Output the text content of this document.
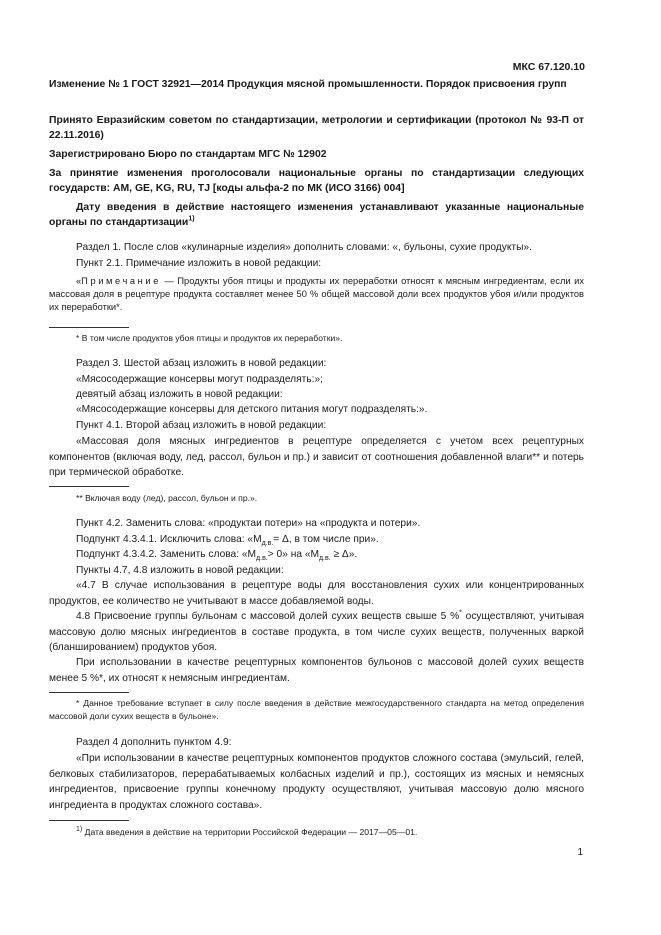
МКС 67.120.10
Изменение № 1 ГОСТ 32921—2014 Продукция мясной промышленности. Порядок присвоения групп
Принято Евразийским советом по стандартизации, метрологии и сертификации (протокол № 93-П от 22.11.2016)
Зарегистрировано Бюро по стандартам МГС № 12902
За принятие изменения проголосовали национальные органы по стандартизации следующих государств: AM, GE, KG, RU, TJ [коды альфа-2 по МК (ИСО 3166) 004]
Дату введения в действие настоящего изменения устанавливают указанные национальные органы по стандартизации$^{1)}$
Раздел 1. После слов «кулинарные изделия» дополнить словами: «, бульоны, сухие продукты».
Пункт 2.1. Примечание изложить в новой редакции:
«Примечание — Продукты убоя птицы и продукты их переработки относят к мясным ингредиентам, если их массовая доля в рецептуре продукта составляет менее 50 % общей массовой доли всех продуктов убоя и/или продуктов их переработки*.
* В том числе продуктов убоя птицы и продуктов их переработки».
Раздел 3. Шестой абзац изложить в новой редакции:
«Мясосодержащие консервы могут подразделять:»;
девятый абзац изложить в новой редакции:
«Мясосодержащие консервы для детского питания могут подразделять:».
Пункт 4.1. Второй абзац изложить в новой редакции:
«Массовая доля мясных ингредиентов в рецептуре определяется с учетом всех рецептурных компонентов (включая воду, лед, рассол, бульон и пр.) и зависит от соотношения добавленной влаги** и потерь при термической обработке.
** Включая воду (лед), рассол, бульон и пр.».
Пункт 4.2. Заменить слова: «продуктаи потери» на «продукта и потери».
Подпункт 4.3.4.1. Исключить слова: «$М_{д.в.}= \Delta$, в том числе при».
Подпункт 4.3.4.2. Заменить слова: «$М_{д.в.}> 0$» на «$М_{д.в.} \ge \Delta$».
Пункты 4.7, 4.8 изложить в новой редакции:
«4.7 В случае использования в рецептуре воды для восстановления сухих или концентрированных продуктов, ее количество не учитывают в массе добавляемой воды.
4.8 Присвоение группы бульонам с массовой долей сухих веществ свыше 5 %* осуществляют, учитывая массовую долю мясных ингредиентов в составе продукта, в том числе сухих веществ, полученных варкой (бланшированием) продуктов убоя.
При использовании в качестве рецептурных компонентов бульонов с массовой долей сухих веществ менее 5 %*, их относят к немясным ингредиентам.
* Данное требование вступает в силу после введения в действие межгосударственного стандарта на метод определения массовой доли сухих веществ в бульоне».
Раздел 4 дополнить пунктом 4.9:
«При использовании в качестве рецептурных компонентов продуктов сложного состава (эмульсий, гелей, белковых стабилизаторов, перерабатываемых колбасных изделий и пр.), состоящих из мясных и немясных ингредиентов, присвоение группы конечному продукту осуществляют, учитывая массовую долю мясного ингредиента в продуктах сложного состава».
$^{1)}$ Дата введения в действие на территории Российской Федерации — 2017—05—01.
1
